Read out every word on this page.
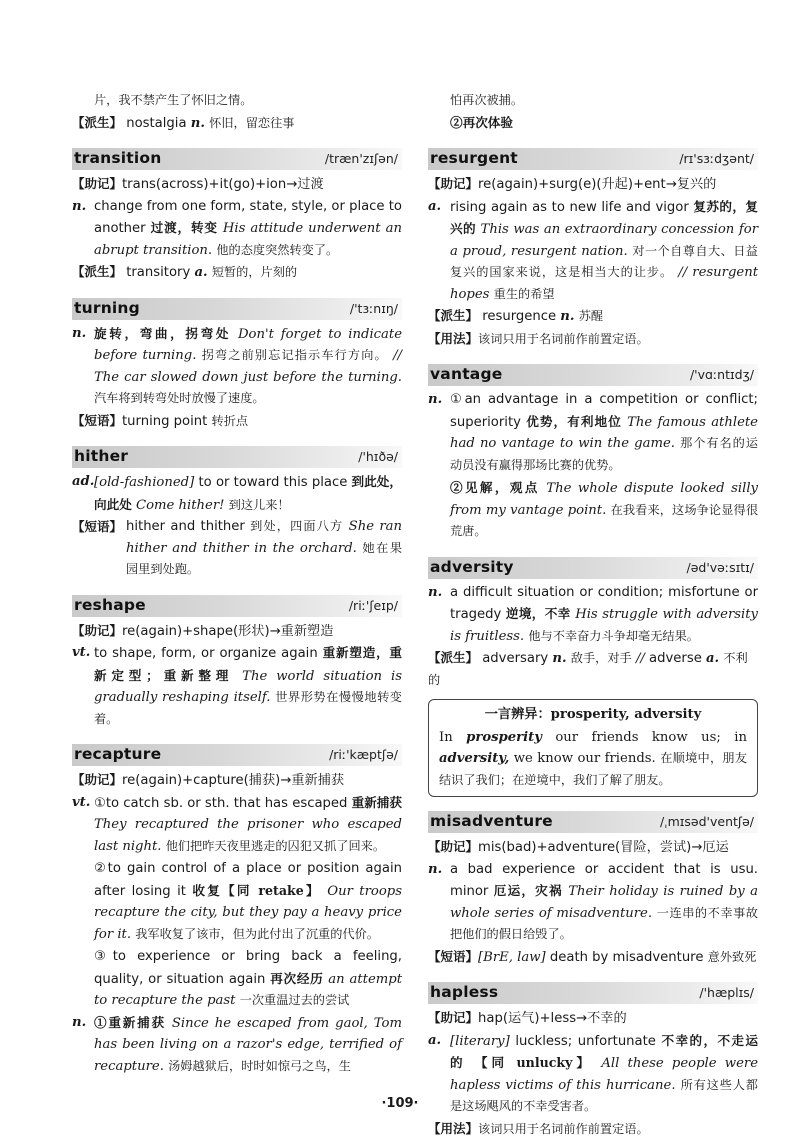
片，我不禁产生了怀旧之情。
【派生】 nostalgia n. 怀旧，留恋往事
transition	/træn'zɪʃən/
【助记】trans(across)+it(go)+ion→过渡
n. change from one form, state, style, or place to another 过渡，转变 His attitude underwent an abrupt transition. 他的态度突然转变了。
【派生】 transitory a. 短暂的，片刻的
turning	/'tɜːnɪŋ/
n. 旋转，弯曲，拐弯处 Don't forget to indicate before turning. 拐弯之前别忘记指示车行方向。 // The car slowed down just before the turning. 汽车将到转弯处时放慢了速度。
【短语】turning point 转折点
hither	/'hɪðə/
ad. [old-fashioned] to or toward this place 到此处，向此处 Come hither! 到这儿来！
【短语】 hither and thither 到处，四面八方 She ran hither and thither in the orchard. 她在果园里到处跑。
reshape	/riː'ʃeɪp/
【助记】re(again)+shape(形状)→重新塑造
vt. to shape, form, or organize again 重新塑造，重新定型；重新整理 The world situation is gradually reshaping itself. 世界形势在慢慢地转变着。
recapture	/riː'kæptʃə/
【助记】re(again)+capture(捕获)→重新捕获
vt. ①to catch sb. or sth. that has escaped 重新捕获 They recaptured the prisoner who escaped last night. 他们把昨天夜里逃走的囚犯又抓了回来。

②to gain control of a place or position again after losing it 收复【同 retake】 Our troops recapture the city, but they pay a heavy price for it. 我军收复了该市，但为此付出了沉重的代价。

③to experience or bring back a feeling, quality, or situation again 再次经历 an attempt to recapture the past 一次重温过去的尝试

n. ①重新捕获 Since he escaped from gaol, Tom has been living on a razor's edge, terrified of recapture. 汤姆越狱后，时时如惊弓之鸟，生

怕再次被捕。

②再次体验

resurgent	/rɪ'sɜːdʒənt/
【助记】re(again)+surg(e)(升起)+ent→复兴的
a. rising again as to new life and vigor 复苏的，复兴的 This was an extraordinary concession for a proud, resurgent nation. 对一个自尊自大、日益复兴的国家来说，这是相当大的让步。 // resurgent hopes 重生的希望
【派生】 resurgence n. 苏醒
【用法】该词只用于名词前作前置定语。
vantage	/'vɑːntɪdʒ/
n. ①an advantage in a competition or conflict; superiority 优势，有利地位 The famous athlete had no vantage to win the game. 那个有名的运动员没有赢得那场比赛的优势。

②见解，观点 The whole dispute looked silly from my vantage point. 在我看来，这场争论显得很荒唐。

adversity	/əd'vəːsɪtɪ/
n. a difficult situation or condition; misfortune or tragedy 逆境，不幸 His struggle with adversity is fruitless. 他与不幸奋力斗争却毫无结果。
【派生】 adversary n. 敌手，对手 // adverse a. 不利的
一言辨异：prosperity, adversity
In prosperity our friends know us; in adversity, we know our friends. 在顺境中，朋友结识了我们；在逆境中，我们了解了朋友。
misadventure	/ˌmɪsəd'ventʃə/
【助记】mis(bad)+adventure(冒险，尝试)→厄运
n. a bad experience or accident that is usu. minor 厄运，灾祸 Their holiday is ruined by a whole series of misadventure. 一连串的不幸事故把他们的假日给毁了。
【短语】[BrE, law] death by misadventure 意外致死
hapless	/'hæplɪs/
【助记】hap(运气)+less→不幸的
a. [literary] luckless; unfortunate 不幸的，不走运的 【同 unlucky】 All these people were hapless victims of this hurricane. 所有这些人都是这场飓风的不幸受害者。
【用法】该词只用于名词前作前置定语。
·109·
